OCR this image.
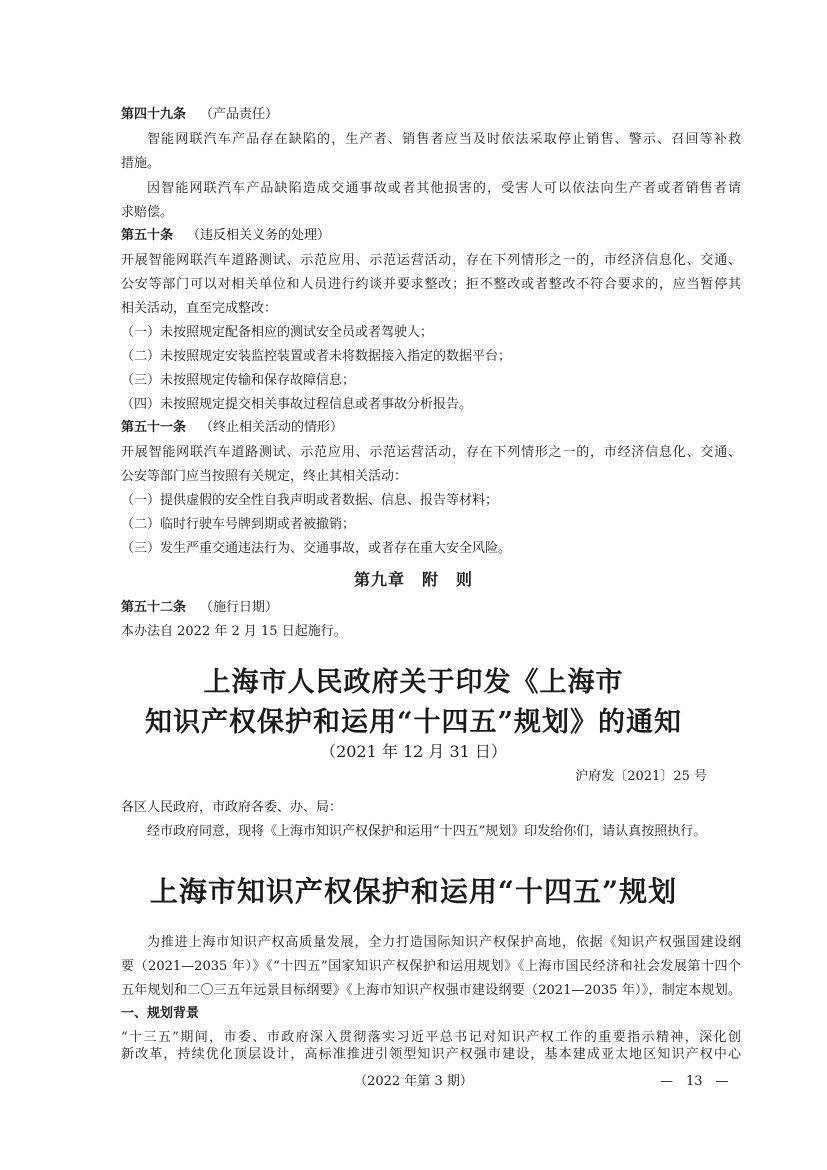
第四十九条 （产品责任）
智能网联汽车产品存在缺陷的，生产者、销售者应当及时依法采取停止销售、警示、召回等补救
措施。
因智能网联汽车产品缺陷造成交通事故或者其他损害的，受害人可以依法向生产者或者销售者请
求赔偿。
第五十条 （违反相关义务的处理）
开展智能网联汽车道路测试、示范应用、示范运营活动，存在下列情形之一的，市经济信息化、交通、
公安等部门可以对相关单位和人员进行约谈并要求整改；拒不整改或者整改不符合要求的，应当暂停其
相关活动，直至完成整改：
（一）未按照规定配备相应的测试安全员或者驾驶人；
（二）未按照规定安装监控装置或者未将数据接入指定的数据平台；
（三）未按照规定传输和保存故障信息；
（四）未按照规定提交相关事故过程信息或者事故分析报告。
第五十一条 （终止相关活动的情形）
开展智能网联汽车道路测试、示范应用、示范运营活动，存在下列情形之一的，市经济信息化、交通、
公安等部门应当按照有关规定，终止其相关活动：
（一）提供虚假的安全性自我声明或者数据、信息、报告等材料；
（二）临时行驶车号牌到期或者被撤销；
（三）发生严重交通违法行为、交通事故，或者存在重大安全风险。
第九章　附　则
第五十二条 （施行日期）
本办法自 2022 年 2 月 15 日起施行。
上海市人民政府关于印发《上海市
知识产权保护和运用“十四五”规划》的通知
（2021 年 12 月 31 日）
沪府发〔2021〕25 号
各区人民政府，市政府各委、办、局：
经市政府同意，现将《上海市知识产权保护和运用“十四五”规划》印发给你们，请认真按照执行。
上海市知识产权保护和运用“十四五”规划
为推进上海市知识产权高质量发展，全力打造国际知识产权保护高地，依据《知识产权强国建设纲
要（2021—2035 年）》《“十四五”国家知识产权保护和运用规划》《上海市国民经济和社会发展第十四个
五年规划和二〇三五年远景目标纲要》《上海市知识产权强市建设纲要（2021—2035 年）》，制定本规划。
一、规划背景
“十三五”期间，市委、市政府深入贯彻落实习近平总书记对知识产权工作的重要指示精神，深化创
新改革，持续优化顶层设计，高标准推进引领型知识产权强市建设，基本建成亚太地区知识产权中心
（2022 年第 3 期）	—　13　—
